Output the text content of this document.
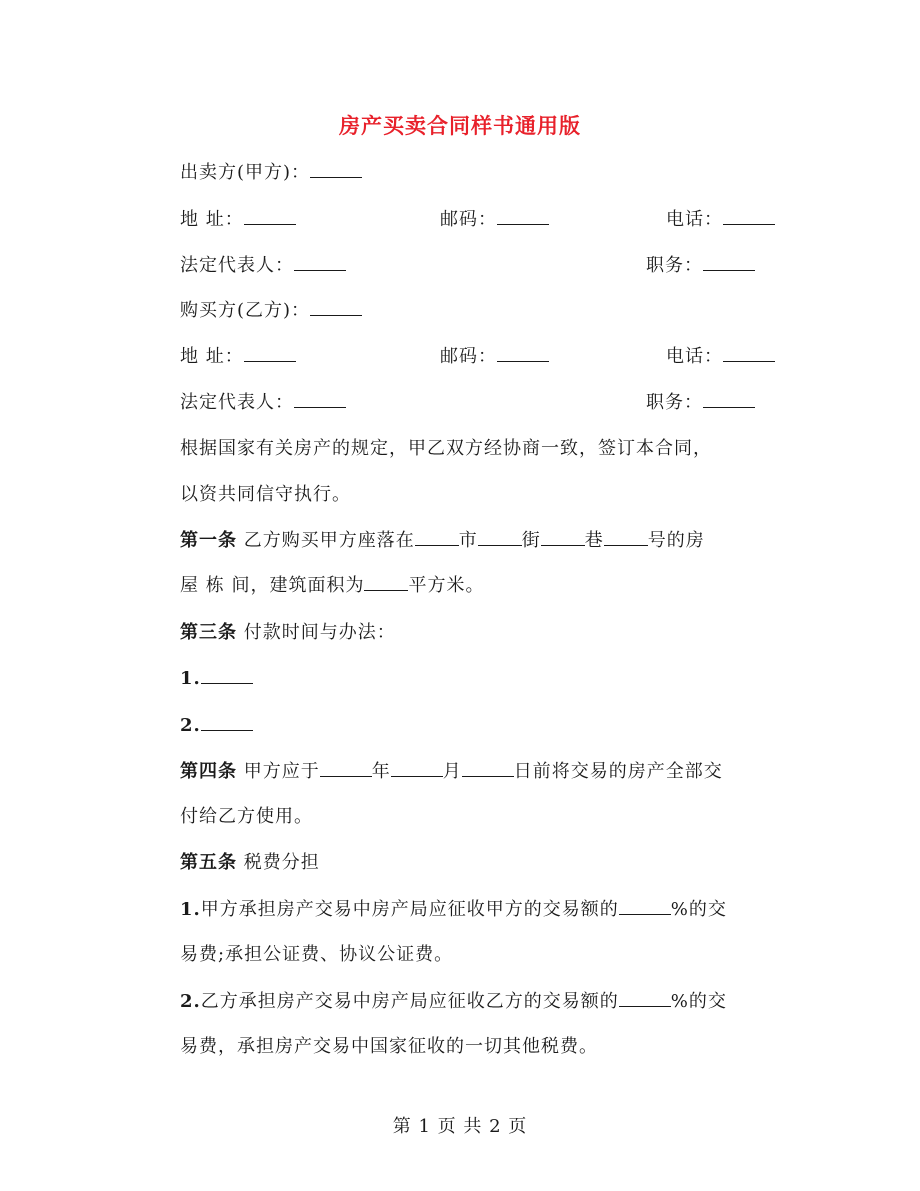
房产买卖合同样书通用版
出卖方(甲方)：
地 址：	邮码：	电话：
法定代表人：	职务：
购买方(乙方)：
地 址：	邮码：	电话：
法定代表人：	职务：
根据国家有关房产的规定，甲乙双方经协商一致，签订本合同，
以资共同信守执行。
第一条 乙方购买甲方座落在 市 街 巷 号的房
屋 栋 间，建筑面积为 平方米。
第三条 付款时间与办法：
1.
2.
第四条 甲方应于	年	月	日前将交易的房产全部交
付给乙方使用。
第五条 税费分担
1.甲方承担房产交易中房产局应征收甲方的交易额的	%的交
易费;承担公证费、协议公证费。
2.乙方承担房产交易中房产局应征收乙方的交易额的	%的交
易费，承担房产交易中国家征收的一切其他税费。
第 1 页 共 2 页
